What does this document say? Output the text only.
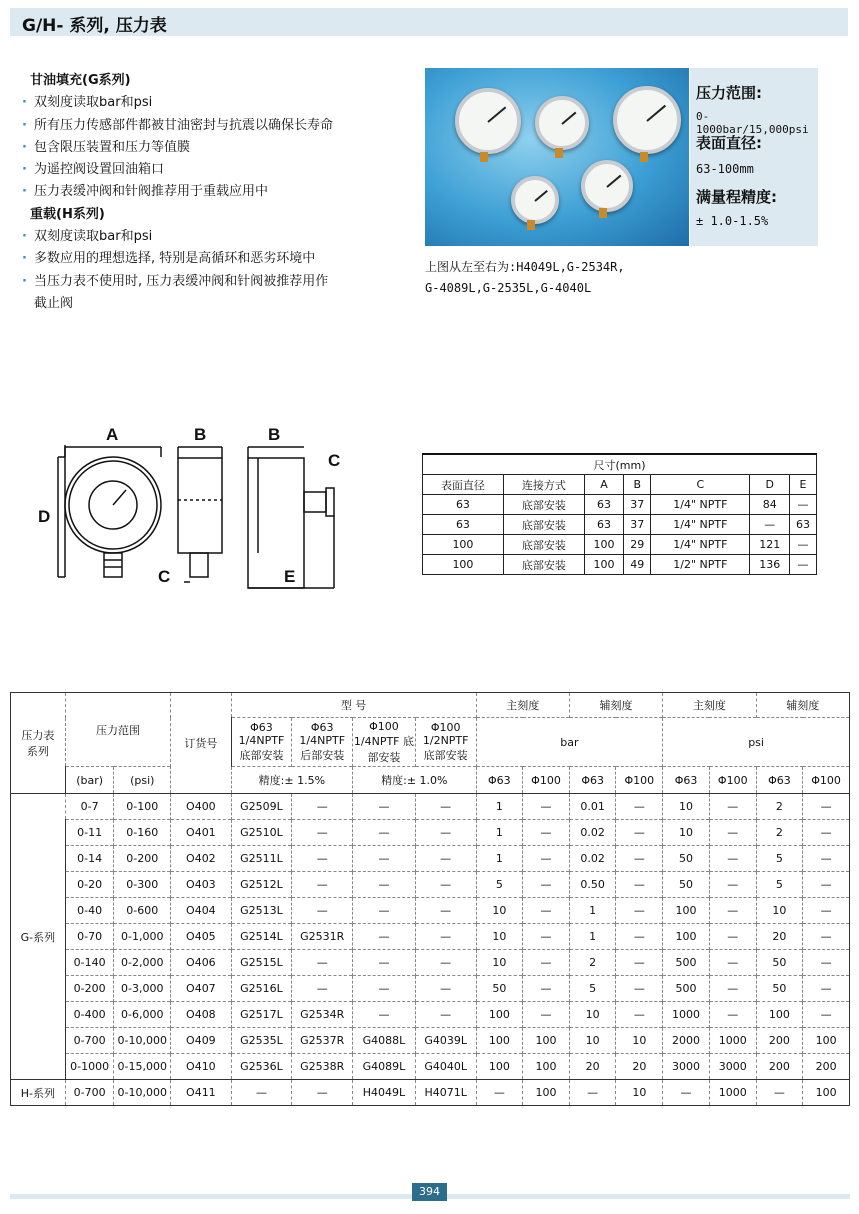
G/H- 系列, 压力表
甘油填充(G系列)
· 双刻度读取bar和psi
· 所有压力传感部件都被甘油密封与抗震以确保长寿命
· 包含限压装置和压力等值膜
· 为遥控阀设置回油箱口
· 压力表缓冲阀和针阀推荐用于重载应用中
重载(H系列)
· 双刻度读取bar和psi
· 多数应用的理想选择, 特别是高循环和恶劣环境中
· 当压力表不使用时, 压力表缓冲阀和针阀被推荐用作
截止阀
压力范围:
0-1000bar/15,000psi
表面直径:
63-100mm
满量程精度:
± 1.0-1.5%
上图从左至右为:H4049L,G-2534R,
G-4089L,G-2535L,G-4040L
A	B	B
C
C
D
E
尺寸(mm)						
表面直径	连接方式	A	B	C	D	E
63	底部安装	63	37	1/4" NPTF	84	—
63	底部安装	63	37	1/4" NPTF	—	63
100	底部安装	100	29	1/4" NPTF	121	—
100	底部安装	100	49	1/2" NPTF	136	—
压力表系列	压力范围		订货号	型 号				主刻度		辅刻度		主刻度		辅刻度	
				Φ63 1/4NPTF 底部安装	Φ63 1/4NPTF 后部安装	Φ100 1/4NPTF 底部安装	Φ100 1/2NPTF 底部安装	bar				psi			
	(bar)	(psi)		精度:± 1.5%		精度:± 1.0%		Φ63	Φ100	Φ63	Φ100	Φ63	Φ100	Φ63	Φ100
G-系列	0-7	0-100	O400	G2509L	—	—	—	1	—	0.01	—	10	—	2	—
	0-11	0-160	O401	G2510L	—	—	—	1	—	0.02	—	10	—	2	—
	0-14	0-200	O402	G2511L	—	—	—	1	—	0.02	—	50	—	5	—
	0-20	0-300	O403	G2512L	—	—	—	5	—	0.50	—	50	—	5	—
	0-40	0-600	O404	G2513L	—	—	—	10	—	1	—	100	—	10	—
	0-70	0-1,000	O405	G2514L	G2531R	—	—	10	—	1	—	100	—	20	—
	0-140	0-2,000	O406	G2515L	—	—	—	10	—	2	—	500	—	50	—
	0-200	0-3,000	O407	G2516L	—	—	—	50	—	5	—	500	—	50	—
	0-400	0-6,000	O408	G2517L	G2534R	—	—	100	—	10	—	1000	—	100	—
	0-700	0-10,000	O409	G2535L	G2537R	G4088L	G4039L	100	100	10	10	2000	1000	200	100
	0-1000	0-15,000	O410	G2536L	G2538R	G4089L	G4040L	100	100	20	20	3000	3000	200	200
H-系列	0-700	0-10,000	O411	—	—	H4049L	H4071L	—	100	—	10	—	1000	—	100
394
